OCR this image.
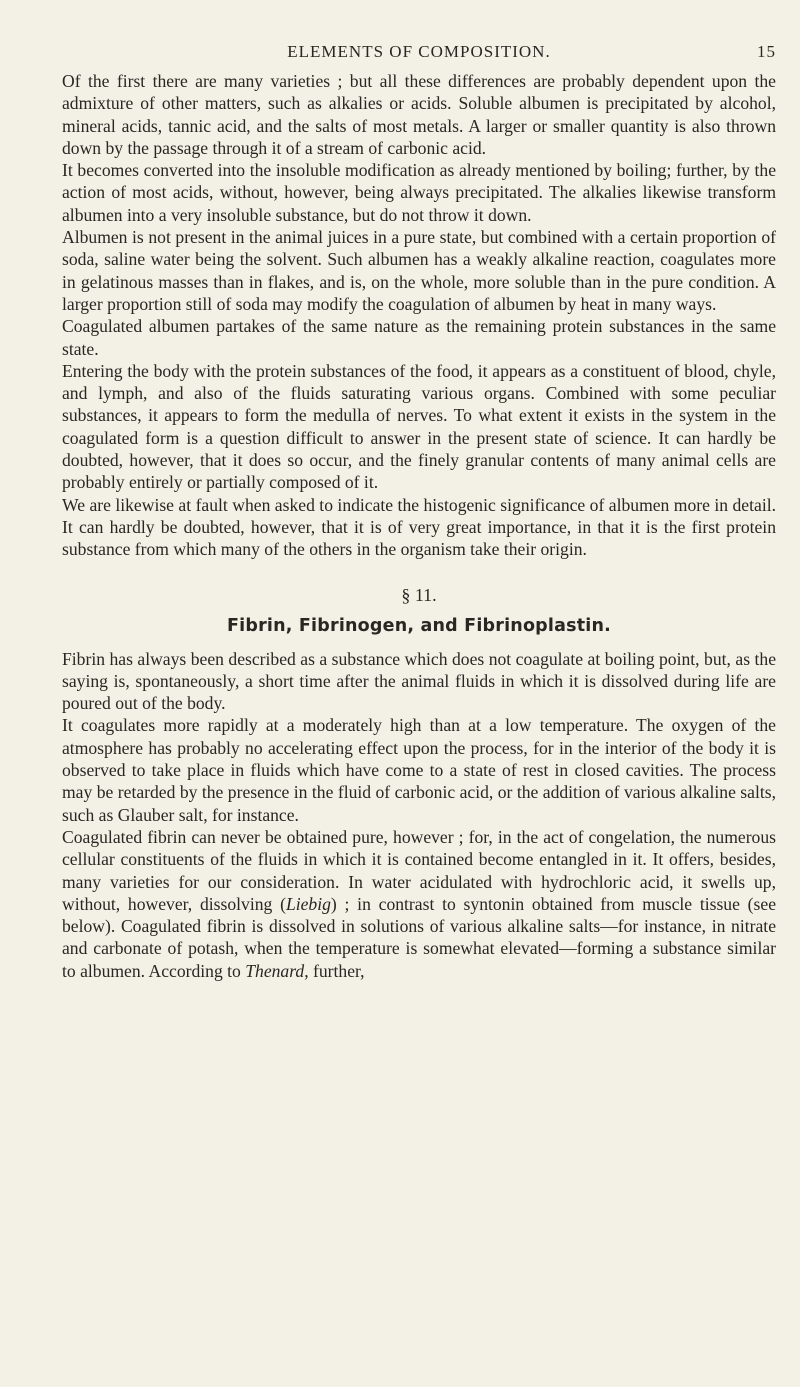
ELEMENTS OF COMPOSITION.	15

Of the first there are many varieties ; but all these differences are probably dependent upon the admixture of other matters, such as alkalies or acids. Soluble albumen is precipitated by alcohol, mineral acids, tannic acid, and the salts of most metals. A larger or smaller quantity is also thrown down by the passage through it of a stream of carbonic acid.

It becomes converted into the insoluble modification as already mentioned by boiling; further, by the action of most acids, without, however, being always precipitated. The alkalies likewise transform albumen into a very insoluble substance, but do not throw it down.

Albumen is not present in the animal juices in a pure state, but combined with a certain proportion of soda, saline water being the solvent. Such albumen has a weakly alkaline reaction, coagulates more in gelatinous masses than in flakes, and is, on the whole, more soluble than in the pure condition. A larger proportion still of soda may modify the coagulation of albumen by heat in many ways.

Coagulated albumen partakes of the same nature as the remaining protein substances in the same state.

Entering the body with the protein substances of the food, it appears as a constituent of blood, chyle, and lymph, and also of the fluids saturating various organs. Combined with some peculiar substances, it appears to form the medulla of nerves. To what extent it exists in the system in the coagulated form is a question difficult to answer in the present state of science. It can hardly be doubted, however, that it does so occur, and the finely granular contents of many animal cells are probably entirely or partially composed of it.

We are likewise at fault when asked to indicate the histogenic significance of albumen more in detail. It can hardly be doubted, however, that it is of very great importance, in that it is the first protein substance from which many of the others in the organism take their origin.

§ 11.
Fibrin, Fibrinogen, and Fibrinoplastin.

Fibrin has always been described as a substance which does not coagulate at boiling point, but, as the saying is, spontaneously, a short time after the animal fluids in which it is dissolved during life are poured out of the body.

It coagulates more rapidly at a moderately high than at a low temperature. The oxygen of the atmosphere has probably no accelerating effect upon the process, for in the interior of the body it is observed to take place in fluids which have come to a state of rest in closed cavities. The process may be retarded by the presence in the fluid of carbonic acid, or the addition of various alkaline salts, such as Glauber salt, for instance.

Coagulated fibrin can never be obtained pure, however ; for, in the act of congelation, the numerous cellular constituents of the fluids in which it is contained become entangled in it. It offers, besides, many varieties for our consideration. In water acidulated with hydrochloric acid, it swells up, without, however, dissolving (Liebig) ; in contrast to syntonin obtained from muscle tissue (see below). Coagulated fibrin is dissolved in solutions of various alkaline salts—for instance, in nitrate and carbonate of potash, when the temperature is somewhat elevated—forming a substance similar to albumen. According to Thenard, further,
